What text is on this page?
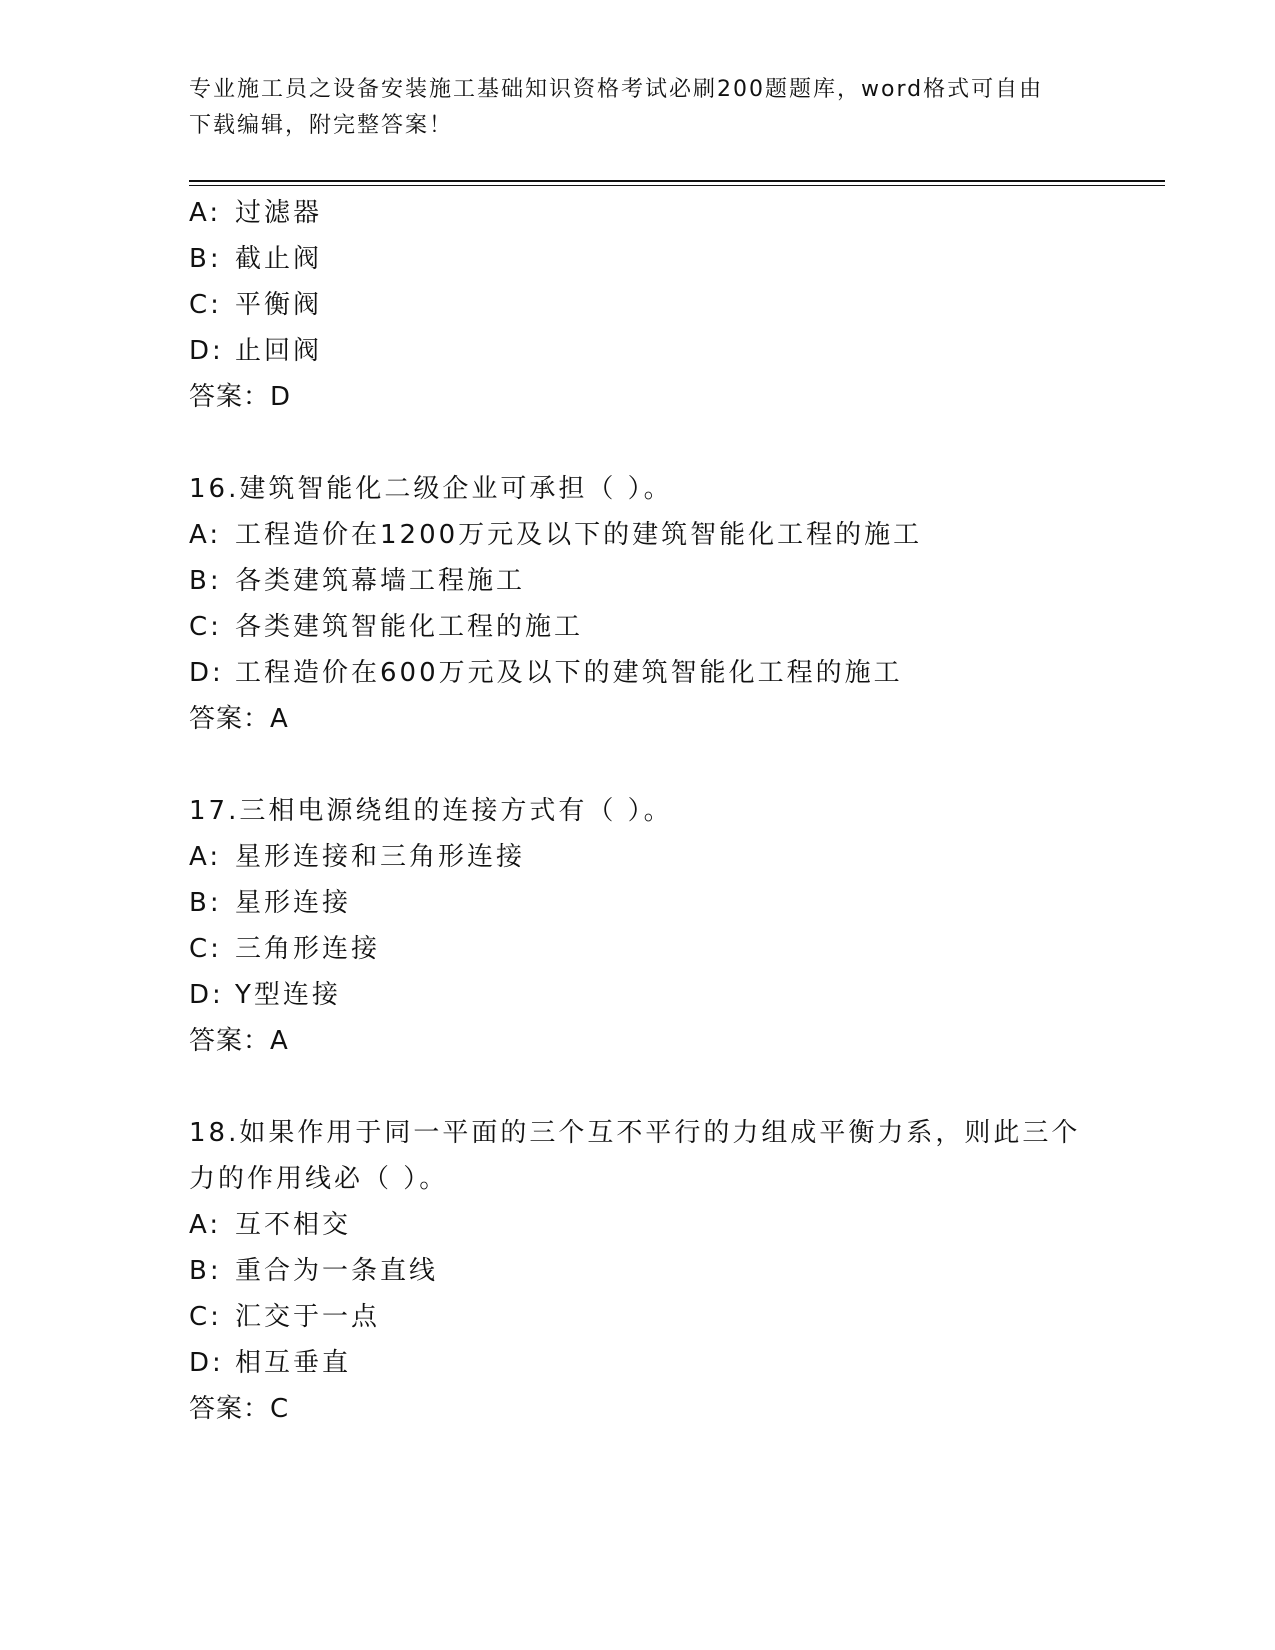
专业施工员之设备安装施工基础知识资格考试必刷200题题库，word格式可自由
下载编辑，附完整答案！
A: 过滤器
B: 截止阀
C: 平衡阀
D: 止回阀
答案：D
16.建筑智能化二级企业可承担（ ）。
A: 工程造价在1200万元及以下的建筑智能化工程的施工
B: 各类建筑幕墙工程施工
C: 各类建筑智能化工程的施工
D: 工程造价在600万元及以下的建筑智能化工程的施工
答案：A
17.三相电源绕组的连接方式有（ ）。
A: 星形连接和三角形连接
B: 星形连接
C: 三角形连接
D: Y型连接
答案：A
18.如果作用于同一平面的三个互不平行的力组成平衡力系，则此三个
力的作用线必（ ）。
A: 互不相交
B: 重合为一条直线
C: 汇交于一点
D: 相互垂直
答案：C
